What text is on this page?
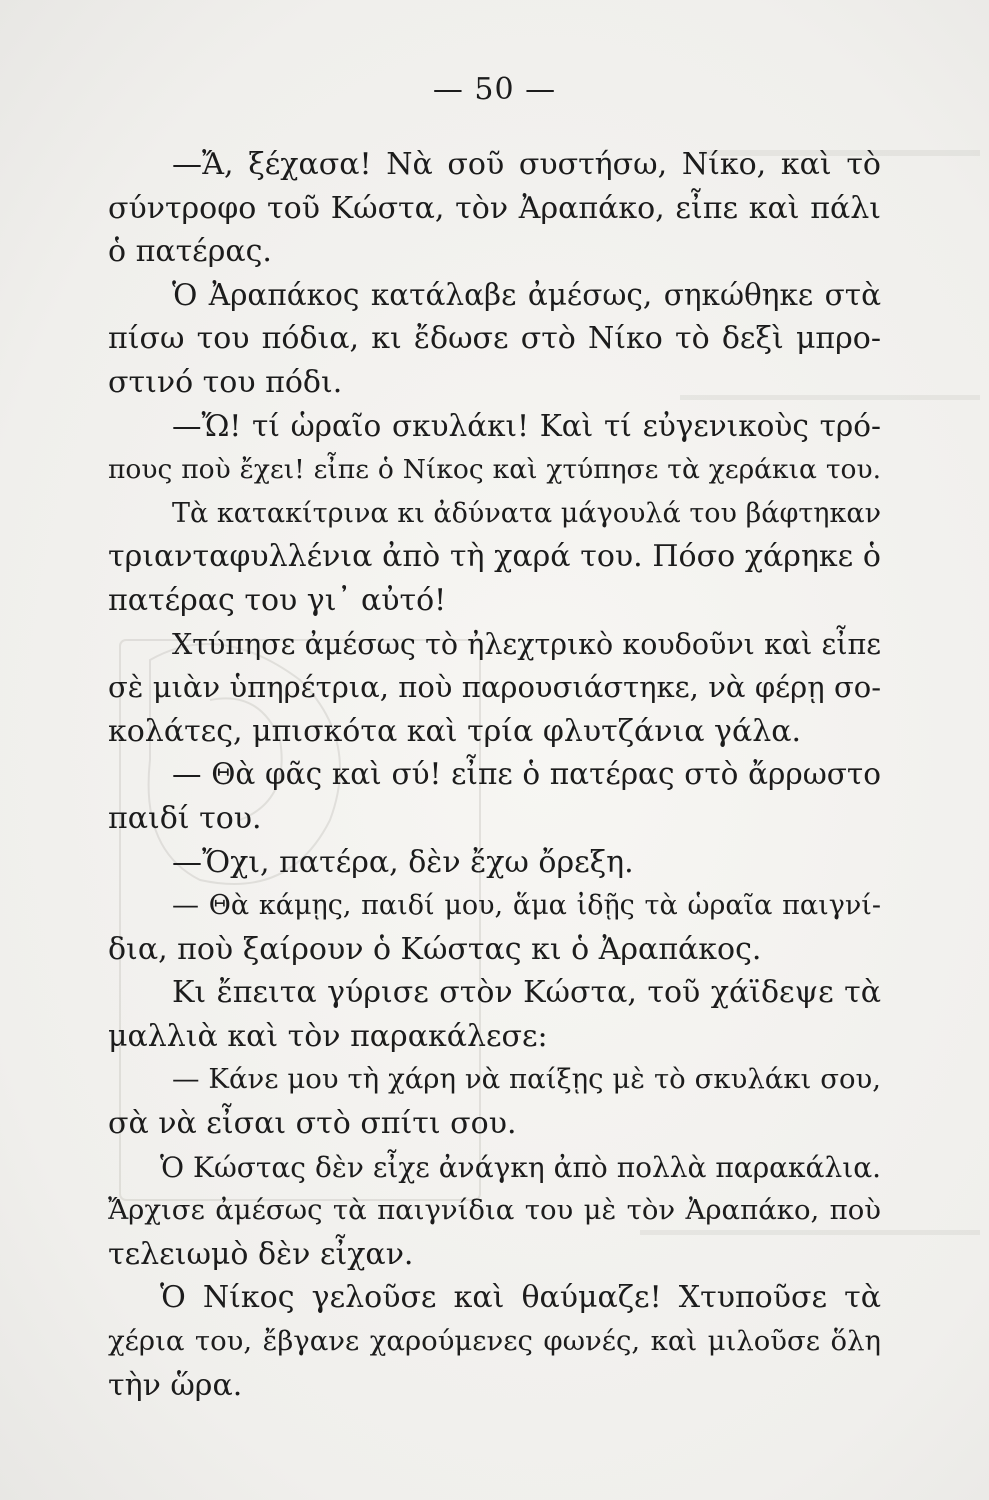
— 50 —
—Ἄ, ξέχασα! Νὰ σοῦ συστήσω, Νίκο, καὶ τὸ
σύντροφο τοῦ Κώστα, τὸν Ἀραπάκο, εἶπε καὶ πάλι
ὁ πατέρας.
Ὁ Ἀραπάκος κατάλαβε ἀμέσως, σηκώθηκε στὰ
πίσω του πόδια, κι ἔδωσε στὸ Νίκο τὸ δεξὶ μπρο-
στινό του πόδι.
—Ὤ! τί ὡραῖο σκυλάκι! Καὶ τί εὐγενικοὺς τρό-
πους ποὺ ἔχει! εἶπε ὁ Νίκος καὶ χτύπησε τὰ χεράκια του.
Τὰ κατακίτρινα κι ἀδύνατα μάγουλά του βάφτηκαν
τριανταφυλλένια ἀπὸ τὴ χαρά του. Πόσο χάρηκε ὁ
πατέρας του γι᾽ αὐτό!
Χτύπησε ἀμέσως τὸ ἠλεχτρικὸ κουδοῦνι καὶ εἶπε
σὲ μιὰν ὑπηρέτρια, ποὺ παρουσιάστηκε, νὰ φέρῃ σο-
κολάτες, μπισκότα καὶ τρία φλυτζάνια γάλα.
— Θὰ φᾶς καὶ σύ! εἶπε ὁ πατέρας στὸ ἄρρωστο
παιδί του.
—Ὄχι, πατέρα, δὲν ἔχω ὄρεξη.
— Θὰ κάμῃς, παιδί μου, ἅμα ἰδῇς τὰ ὡραῖα παιγνί-
δια, ποὺ ξαίρουν ὁ Κώστας κι ὁ Ἀραπάκος.
Κι ἔπειτα γύρισε στὸν Κώστα, τοῦ χάϊδεψε τὰ
μαλλιὰ καὶ τὸν παρακάλεσε:
— Κάνε μου τὴ χάρη νὰ παίξῃς μὲ τὸ σκυλάκι σου,
σὰ νὰ εἶσαι στὸ σπίτι σου.
Ὁ Κώστας δὲν εἶχε ἀνάγκη ἀπὸ πολλὰ παρακάλια.
Ἄρχισε ἀμέσως τὰ παιγνίδια του μὲ τὸν Ἀραπάκο, ποὺ
τελειωμὸ δὲν εἶχαν.
Ὁ Νίκος γελοῦσε καὶ θαύμαζε! Χτυποῦσε τὰ
χέρια του, ἔβγανε χαρούμενες φωνές, καὶ μιλοῦσε ὅλη
τὴν ὥρα.
